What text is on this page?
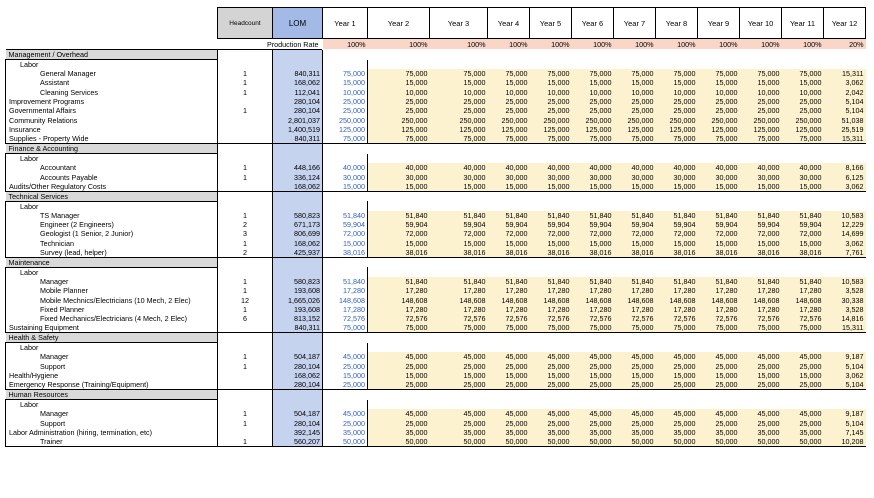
	Headcount	LOM	Year 1	Year 2	Year 3	Year 4	Year 5	Year 6	Year 7	Year 8	Year 9	Year 10	Year 11	Year 12
	Production Rate		100%	100%	100%	100%	100%	100%	100%	100%	100%	100%	100%	20%
Management / Overhead														
Labor														
General Manager	1	840,311	75,000	75,000	75,000	75,000	75,000	75,000	75,000	75,000	75,000	75,000	75,000	15,311
Assistant	1	168,062	15,000	15,000	15,000	15,000	15,000	15,000	15,000	15,000	15,000	15,000	15,000	3,062
Cleaning Services	1	112,041	10,000	10,000	10,000	10,000	10,000	10,000	10,000	10,000	10,000	10,000	10,000	2,042
Improvement Programs		280,104	25,000	25,000	25,000	25,000	25,000	25,000	25,000	25,000	25,000	25,000	25,000	5,104
Governmental Affairs	1	280,104	25,000	25,000	25,000	25,000	25,000	25,000	25,000	25,000	25,000	25,000	25,000	5,104
Community Relations		2,801,037	250,000	250,000	250,000	250,000	250,000	250,000	250,000	250,000	250,000	250,000	250,000	51,038
Insurance		1,400,519	125,000	125,000	125,000	125,000	125,000	125,000	125,000	125,000	125,000	125,000	125,000	25,519
Supplies - Property Wide		840,311	75,000	75,000	75,000	75,000	75,000	75,000	75,000	75,000	75,000	75,000	75,000	15,311
Finance & Accounting														
Labor														
Accountant	1	448,166	40,000	40,000	40,000	40,000	40,000	40,000	40,000	40,000	40,000	40,000	40,000	8,166
Accounts Payable	1	336,124	30,000	30,000	30,000	30,000	30,000	30,000	30,000	30,000	30,000	30,000	30,000	6,125
Audits/Other Regulatory Costs		168,062	15,000	15,000	15,000	15,000	15,000	15,000	15,000	15,000	15,000	15,000	15,000	3,062
Technical Services														
Labor														
TS Manager	1	580,823	51,840	51,840	51,840	51,840	51,840	51,840	51,840	51,840	51,840	51,840	51,840	10,583
Engineer (2 Engineers)	2	671,173	59,904	59,904	59,904	59,904	59,904	59,904	59,904	59,904	59,904	59,904	59,904	12,229
Geologist (1 Senior, 2 Junior)	3	806,699	72,000	72,000	72,000	72,000	72,000	72,000	72,000	72,000	72,000	72,000	72,000	14,699
Technician	1	168,062	15,000	15,000	15,000	15,000	15,000	15,000	15,000	15,000	15,000	15,000	15,000	3,062
Survey (lead, helper)	2	425,937	38,016	38,016	38,016	38,016	38,016	38,016	38,016	38,016	38,016	38,016	38,016	7,761
Maintenance														
Labor														
Manager	1	580,823	51,840	51,840	51,840	51,840	51,840	51,840	51,840	51,840	51,840	51,840	51,840	10,583
Mobile Planner	1	193,608	17,280	17,280	17,280	17,280	17,280	17,280	17,280	17,280	17,280	17,280	17,280	3,528
Mobile Mechnics/Electricians (10 Mech, 2 Elec)	12	1,665,026	148,608	148,608	148,608	148,608	148,608	148,608	148,608	148,608	148,608	148,608	148,608	30,338
Fixed Planner	1	193,608	17,280	17,280	17,280	17,280	17,280	17,280	17,280	17,280	17,280	17,280	17,280	3,528
Fixed Mechanics/Electricians (4 Mech, 2 Elec)	6	813,152	72,576	72,576	72,576	72,576	72,576	72,576	72,576	72,576	72,576	72,576	72,576	14,816
Sustaining Equipment		840,311	75,000	75,000	75,000	75,000	75,000	75,000	75,000	75,000	75,000	75,000	75,000	15,311
Health & Safety														
Labor														
Manager	1	504,187	45,000	45,000	45,000	45,000	45,000	45,000	45,000	45,000	45,000	45,000	45,000	9,187
Support	1	280,104	25,000	25,000	25,000	25,000	25,000	25,000	25,000	25,000	25,000	25,000	25,000	5,104
Health/Hygiene		168,062	15,000	15,000	15,000	15,000	15,000	15,000	15,000	15,000	15,000	15,000	15,000	3,062
Emergency Response (Training/Equipment)		280,104	25,000	25,000	25,000	25,000	25,000	25,000	25,000	25,000	25,000	25,000	25,000	5,104
Human Resources														
Labor														
Manager	1	504,187	45,000	45,000	45,000	45,000	45,000	45,000	45,000	45,000	45,000	45,000	45,000	9,187
Support	1	280,104	25,000	25,000	25,000	25,000	25,000	25,000	25,000	25,000	25,000	25,000	25,000	5,104
Labor Administration (hiring, termination, etc)		392,145	35,000	35,000	35,000	35,000	35,000	35,000	35,000	35,000	35,000	35,000	35,000	7,145
Trainer	1	560,207	50,000	50,000	50,000	50,000	50,000	50,000	50,000	50,000	50,000	50,000	50,000	10,208
